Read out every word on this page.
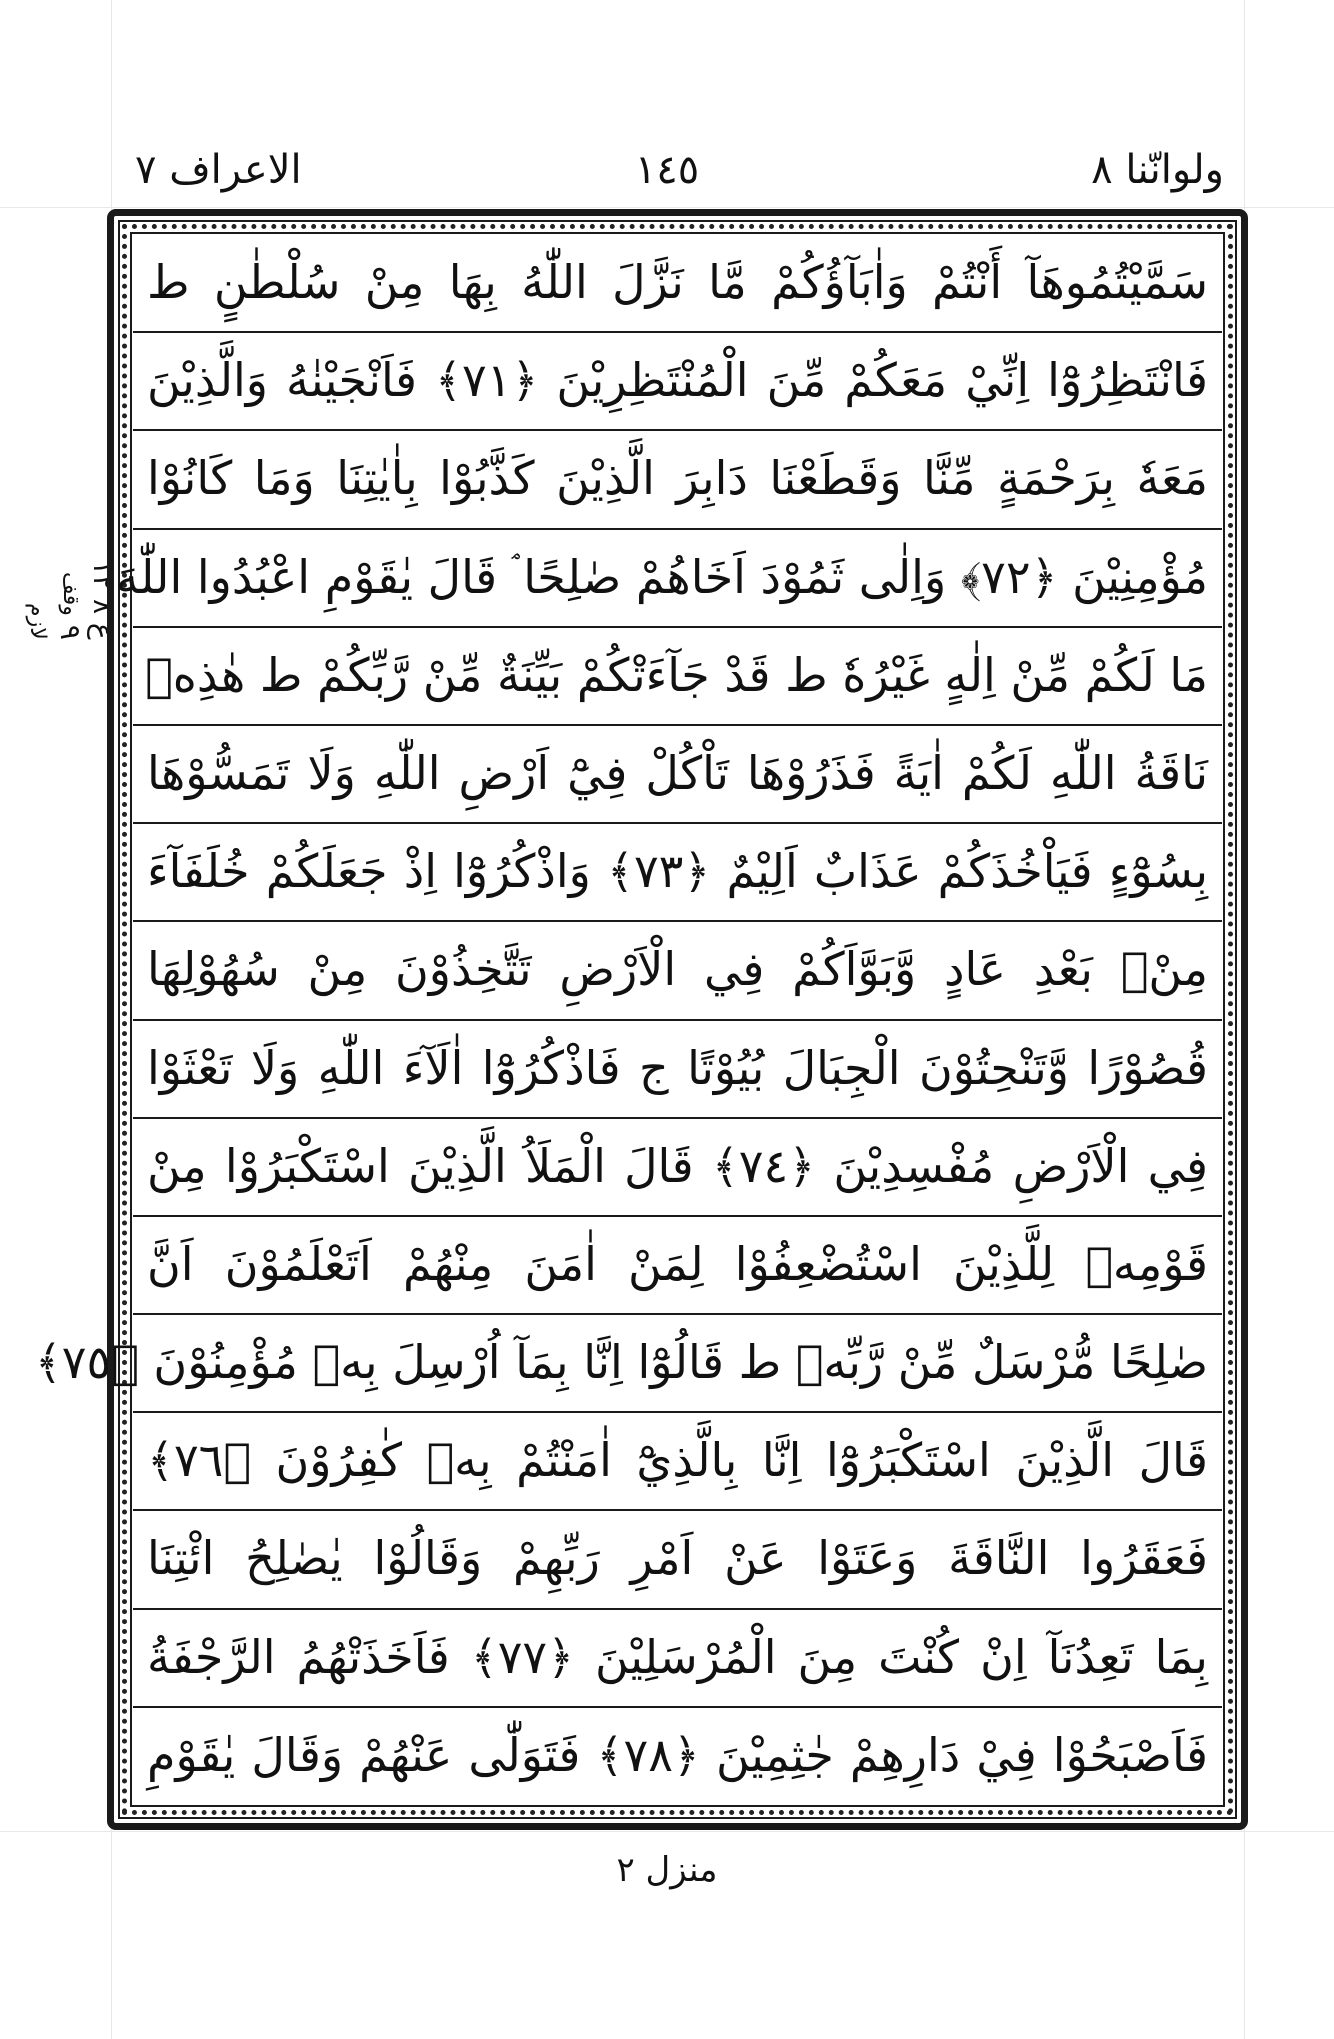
ولوانّنا ٨
١٤٥
الاعراف ٧
ع ٨ ١٢ ٩ وقف لازم
سَمَّيْتُمُوهَآ أَنْتُمْ وَاٰبَآؤُكُمْ مَّا نَزَّلَ اللّٰهُ بِهَا مِنْ سُلْطٰنٍ ط
فَانْتَظِرُوْٓا اِنِّيْ مَعَكُمْ مِّنَ الْمُنْتَظِرِيْنَ ﴿٧١﴾ فَاَنْجَيْنٰهُ وَالَّذِيْنَ
مَعَهٗ بِرَحْمَةٍ مِّنَّا وَقَطَعْنَا دَابِرَ الَّذِيْنَ كَذَّبُوْا بِاٰيٰتِنَا وَمَا كَانُوْا
مُؤْمِنِيْنَ ﴿٧٢﴾ وَاِلٰى ثَمُوْدَ اَخَاهُمْ صٰلِحًا ۘ قَالَ يٰقَوْمِ اعْبُدُوا اللّٰهَ
مَا لَكُمْ مِّنْ اِلٰهٍ غَيْرُهٗ ط قَدْ جَآءَتْكُمْ بَيِّنَةٌ مِّنْ رَّبِّكُمْ ط هٰذِهٖ
نَاقَةُ اللّٰهِ لَكُمْ اٰيَةً فَذَرُوْهَا تَاْكُلْ فِيْٓ اَرْضِ اللّٰهِ وَلَا تَمَسُّوْهَا
بِسُوْٓءٍ فَيَاْخُذَكُمْ عَذَابٌ اَلِيْمٌ ﴿٧٣﴾ وَاذْكُرُوْٓا اِذْ جَعَلَكُمْ خُلَفَآءَ
مِنْۢ بَعْدِ عَادٍ وَّبَوَّاَكُمْ فِي الْاَرْضِ تَتَّخِذُوْنَ مِنْ سُهُوْلِهَا
قُصُوْرًا وَّتَنْحِتُوْنَ الْجِبَالَ بُيُوْتًا ج فَاذْكُرُوْٓا اٰلَآءَ اللّٰهِ وَلَا تَعْثَوْا
فِي الْاَرْضِ مُفْسِدِيْنَ ﴿٧٤﴾ قَالَ الْمَلَاُ الَّذِيْنَ اسْتَكْبَرُوْا مِنْ
قَوْمِهٖ لِلَّذِيْنَ اسْتُضْعِفُوْا لِمَنْ اٰمَنَ مِنْهُمْ اَتَعْلَمُوْنَ اَنَّ
صٰلِحًا مُّرْسَلٌ مِّنْ رَّبِّهٖ ط قَالُوْٓا اِنَّا بِمَآ اُرْسِلَ بِهٖ مُؤْمِنُوْنَ ﴿٧٥﴾
قَالَ الَّذِيْنَ اسْتَكْبَرُوْٓا اِنَّا بِالَّذِيْٓ اٰمَنْتُمْ بِهٖ كٰفِرُوْنَ ﴿٧٦﴾
فَعَقَرُوا النَّاقَةَ وَعَتَوْا عَنْ اَمْرِ رَبِّهِمْ وَقَالُوْا يٰصٰلِحُ ائْتِنَا
بِمَا تَعِدُنَآ اِنْ كُنْتَ مِنَ الْمُرْسَلِيْنَ ﴿٧٧﴾ فَاَخَذَتْهُمُ الرَّجْفَةُ
فَاَصْبَحُوْا فِيْ دَارِهِمْ جٰثِمِيْنَ ﴿٧٨﴾ فَتَوَلّٰى عَنْهُمْ وَقَالَ يٰقَوْمِ
منزل ٢
